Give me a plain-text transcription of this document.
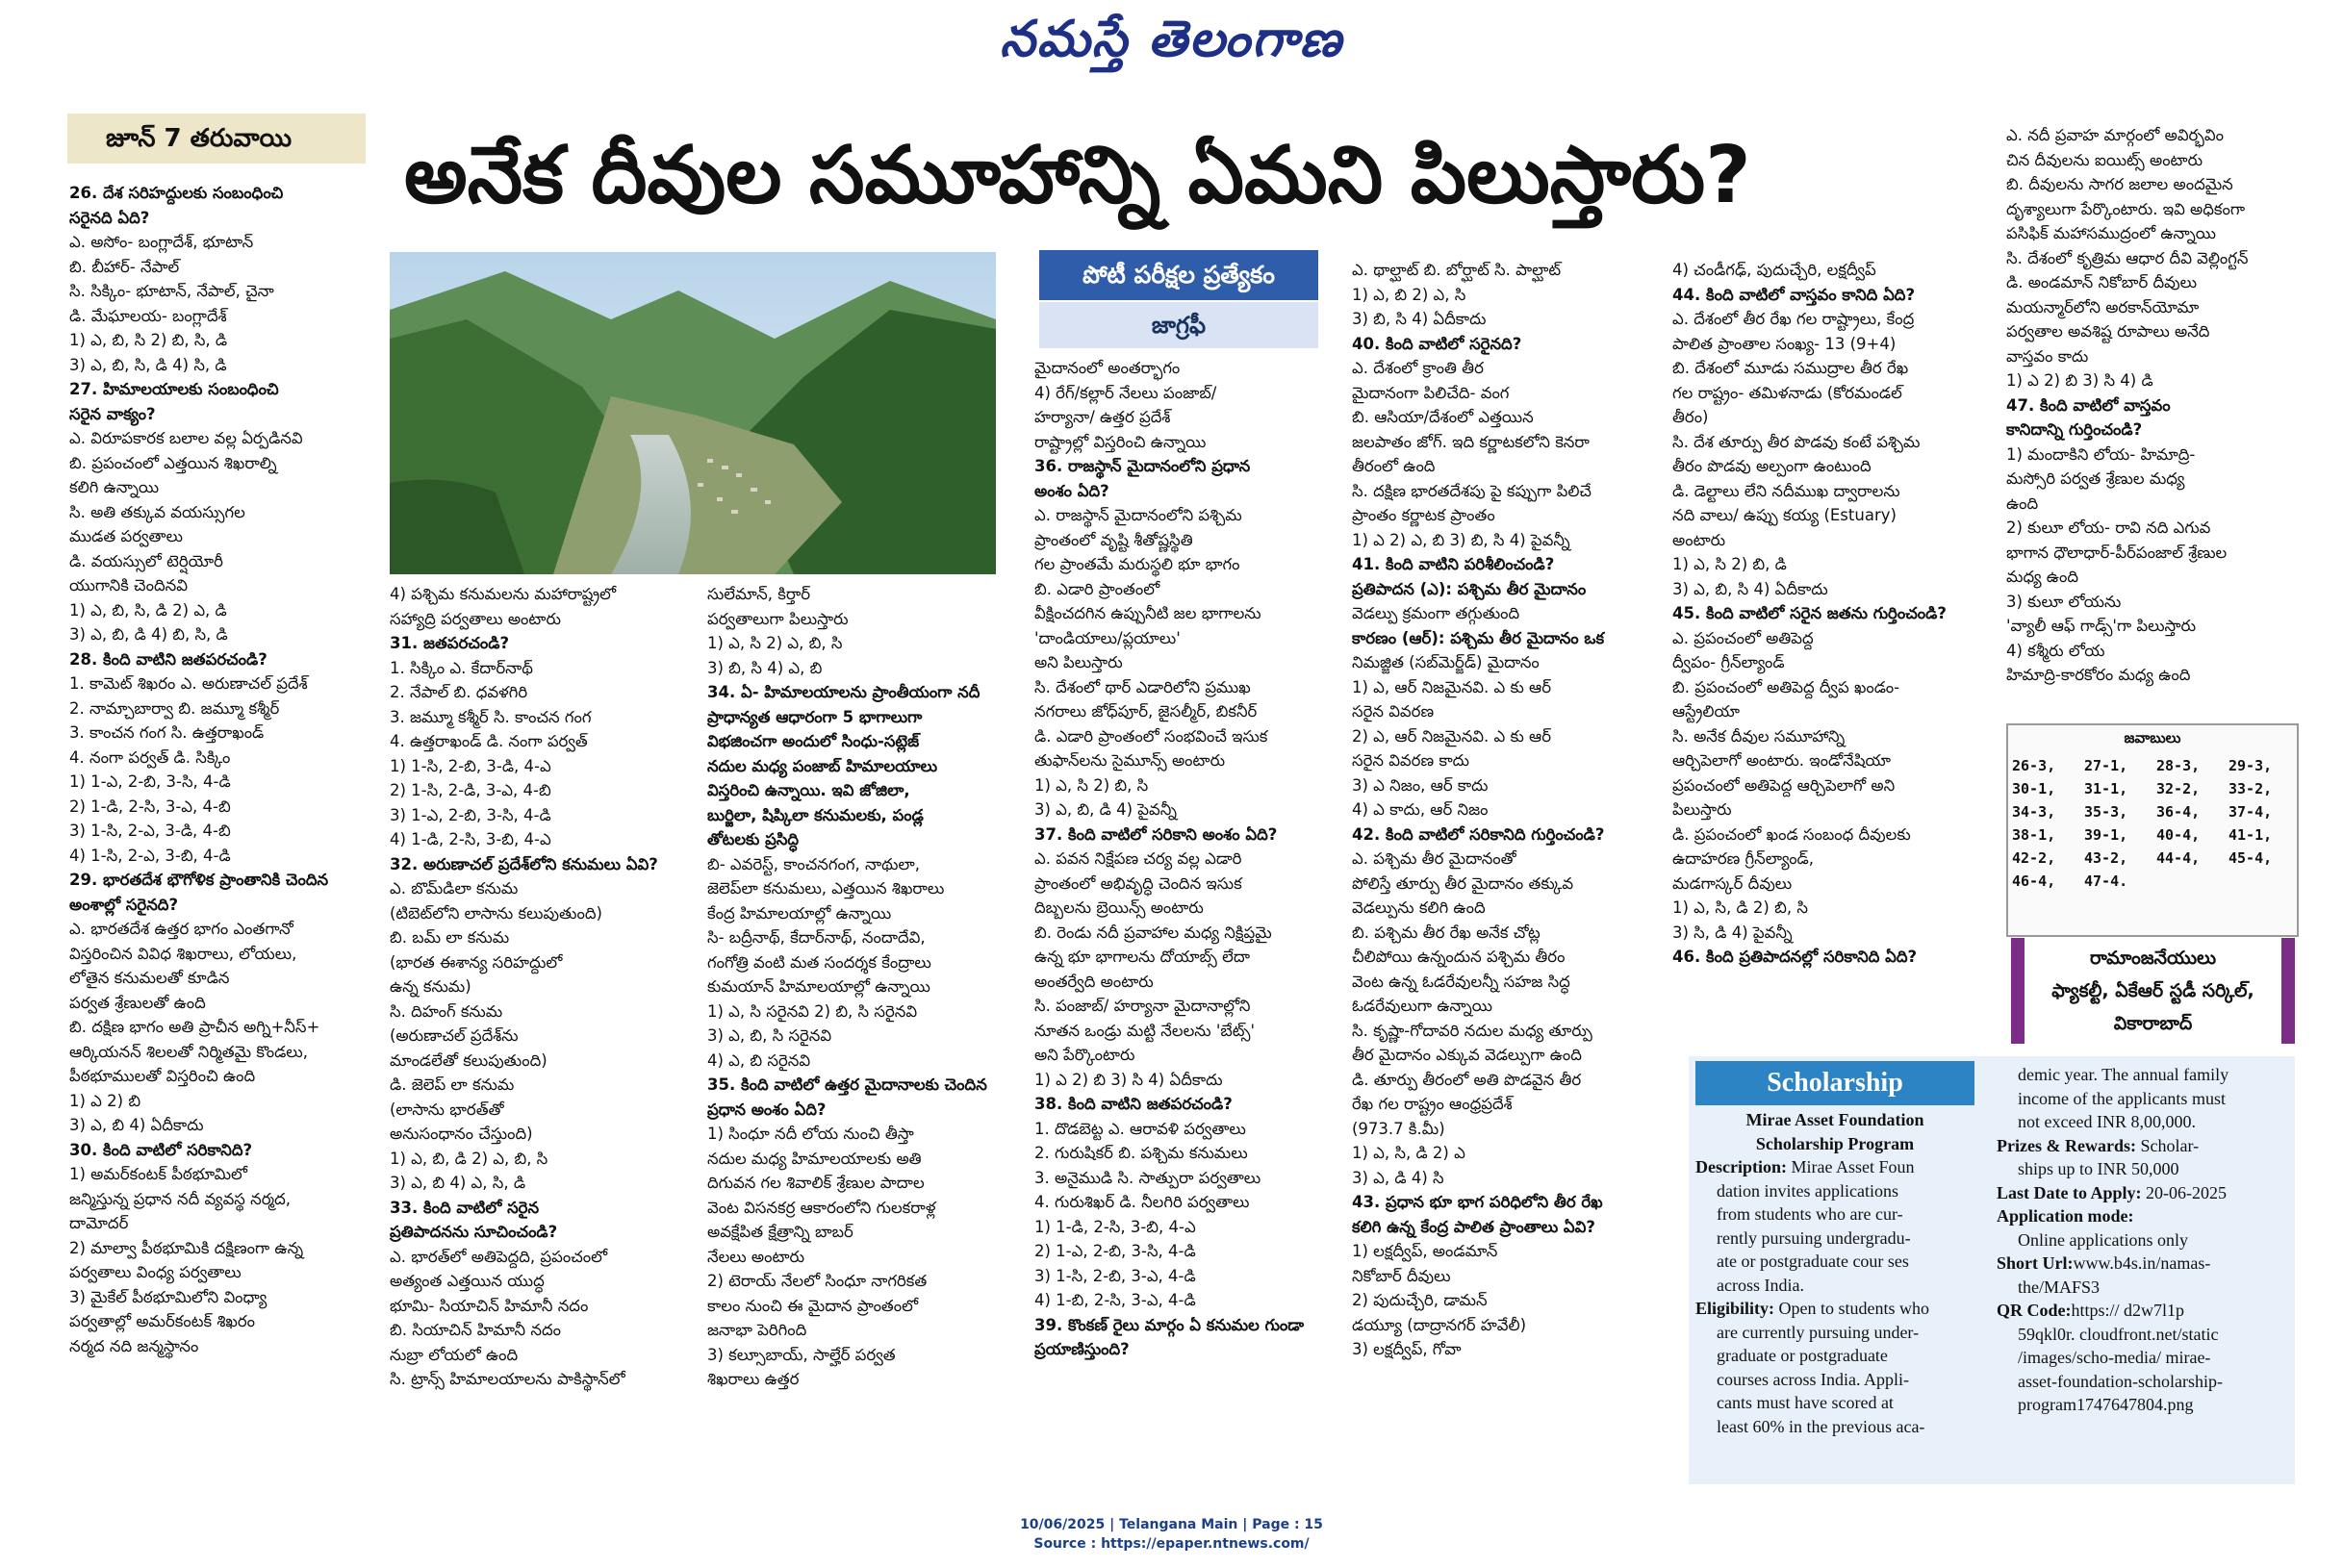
నమస్తే తెలంగాణ
జూన్ 7 తరువాయి	అనేక దీవుల సమూహాన్ని ఏమని పిలుస్తారు?
పోటీ పరీక్షల ప్రత్యేకం
జాగ్రఫీ

26. దేశ సరిహద్దులకు సంబంధించి

సరైనది ఏది?

ఎ. అసోం- బంగ్లాదేశ్, భూటాన్

బి. బీహార్- నేపాల్

సి. సిక్కిం- భూటాన్, నేపాల్, చైనా

డి. మేఘాలయ- బంగ్లాదేశ్

1) ఎ, బి, సి 2) బి, సి, డి

3) ఎ, బి, సి, డి 4) సి, డి

27. హిమాలయాలకు సంబంధించి

సరైన వాక్యం?

ఎ. విరూపకారక బలాల వల్ల ఏర్పడినవి

బి. ప్రపంచంలో ఎత్తయిన శిఖరాల్ని

కలిగి ఉన్నాయి

సి. అతి తక్కువ వయస్సుగల

ముడత పర్వతాలు

డి. వయస్సులో టెర్షియోరీ

యుగానికి చెందినవి

1) ఎ, బి, సి, డి 2) ఎ, డి

3) ఎ, బి, డి 4) బి, సి, డి

28. కింది వాటిని జతపరచండి?

1. కామెట్ శిఖరం ఎ. అరుణాచల్ ప్రదేశ్

2. నామ్చాబార్వా బి. జమ్మూ కశ్మీర్

3. కాంచన గంగ సి. ఉత్తరాఖండ్

4. నంగా పర్వత్ డి. సిక్కిం

1) 1-ఎ, 2-బి, 3-సి, 4-డి

2) 1-డి, 2-సి, 3-ఎ, 4-బి

3) 1-సి, 2-ఎ, 3-డి, 4-బి

4) 1-సి, 2-ఎ, 3-బి, 4-డి

29. భారతదేశ భౌగోళిక ప్రాంతానికి చెందిన

అంశాల్లో సరైనది?

ఎ. భారతదేశ ఉత్తర భాగం ఎంతగానో

విస్తరించిన వివిధ శిఖరాలు, లోయలు,

లోతైన కనుమలతో కూడిన

పర్వత శ్రేణులతో ఉంది

బి. దక్షిణ భాగం అతి ప్రాచీన అగ్ని+నీస్+

ఆర్కియనన్ శిలలతో నిర్మితమై కొండలు,

పీఠభూములతో విస్తరించి ఉంది

1) ఎ 2) బి

3) ఎ, బి 4) ఏదీకాదు

30. కింది వాటిలో సరికానిది?

1) అమర్‌కంటక్ పీఠభూమిలో

జన్మిస్తున్న ప్రధాన నదీ వ్యవస్థ నర్మద,

దామోదర్

2) మాల్వా పీఠభూమికి దక్షిణంగా ఉన్న

పర్వతాలు వింధ్య పర్వతాలు

3) మైకేల్ పీఠభూమిలోని వింధ్యా

పర్వతాల్లో అమర్‌కంటక్ శిఖరం

నర్మద నది జన్మస్థానం

4) పశ్చిమ కనుమలను మహారాష్ట్రలో

సహ్యాద్రి పర్వతాలు అంటారు

31. జతపరచండి?

1. సిక్కిం ఎ. కేదార్‌నాథ్

2. నేపాల్ బి. ధవళగిరి

3. జమ్మూ కశ్మీర్ సి. కాంచన గంగ

4. ఉత్తరాఖండ్ డి. నంగా పర్వత్

1) 1-సి, 2-బి, 3-డి, 4-ఎ

2) 1-సి, 2-డి, 3-ఎ, 4-బి

3) 1-ఎ, 2-బి, 3-సి, 4-డి

4) 1-డి, 2-సి, 3-బి, 4-ఎ

32. అరుణాచల్ ప్రదేశ్‌లోని కనుమలు ఏవి?

ఎ. బొమ్‌డిలా కనుమ

(టిబెట్‌లోని లాసాను కలుపుతుంది)

బి. బమ్ లా కనుమ

(భారత ఈశాన్య సరిహద్దులో

ఉన్న కనుమ)

సి. దిహంగ్ కనుమ

(అరుణాచల్ ప్రదేశ్‌ను

మాండలేతో కలుపుతుంది)

డి. జెలెప్ లా కనుమ

(లాసాను భారత్‌తో

అనుసంధానం చేస్తుంది)

1) ఎ, బి, డి 2) ఎ, బి, సి

3) ఎ, బి 4) ఎ, సి, డి

33. కింది వాటిలో సరైన

ప్రతిపాదనను సూచించండి?

ఎ. భారత్‌లో అతిపెద్దది, ప్రపంచంలో

అత్యంత ఎత్తయిన యుద్ధ

భూమి- సియాచిన్ హిమానీ నదం

బి. సియాచిన్ హిమానీ నదం

నుబ్రా లోయలో ఉంది

సి. ట్రాన్స్ హిమాలయాలను పాకిస్థాన్‌లో

సులేమాన్, కిర్తార్

పర్వతాలుగా పిలుస్తారు

1) ఎ, సి 2) ఎ, బి, సి

3) బి, సి 4) ఎ, బి

34. ఏ- హిమాలయాలను ప్రాంతీయంగా నదీ

ప్రాధాన్యత ఆధారంగా 5 భాగాలుగా

విభజించగా అందులో సింధు-సట్లెజ్

నదుల మధ్య పంజాబ్ హిమాలయాలు

విస్తరించి ఉన్నాయి. ఇవి జోజిలా,

బుర్జిలా, షిప్కిలా కనుమలకు, పండ్ల

తోటలకు ప్రసిద్ధి

బి- ఎవరెస్ట్, కాంచనగంగ, నాథులా,

జెలెప్‌లా కనుమలు, ఎత్తయిన శిఖరాలు

కేంద్ర హిమాలయాల్లో ఉన్నాయి

సి- బద్రీనాథ్, కేదార్‌నాథ్, నందాదేవి,

గంగోత్రి వంటి మత సందర్శక కేంద్రాలు

కుమయాన్ హిమాలయాల్లో ఉన్నాయి

1) ఎ, సి సరైనవి 2) బి, సి సరైనవి

3) ఎ, బి, సి సరైనవి

4) ఎ, బి సరైనవి

35. కింది వాటిలో ఉత్తర మైదానాలకు చెందిన

ప్రధాన అంశం ఏది?

1) సింధూ నదీ లోయ నుంచి తీస్తా

నదుల మధ్య హిమాలయాలకు అతి

దిగువన గల శివాలిక్ శ్రేణుల పాదాల

వెంట విసనకర్ర ఆకారంలోని గులకరాళ్ల

అవక్షేపిత క్షేత్రాన్ని బాబర్

నేలలు అంటారు

2) టెరాయ్ నేలలో సింధూ నాగరికత

కాలం నుంచి ఈ మైదాన ప్రాంతంలో

జనాభా పెరిగింది

3) కల్సూబాయ్, సాల్హేర్ పర్వత

శిఖరాలు ఉత్తర

మైదానంలో అంతర్భాగం

4) రేగ్/కల్లార్ నేలలు పంజాబ్/

హర్యానా/ ఉత్తర ప్రదేశ్

రాష్ట్రాల్లో విస్తరించి ఉన్నాయి

36. రాజస్థాన్ మైదానంలోని ప్రధాన

అంశం ఏది?

ఎ. రాజస్థాన్ మైదానంలోని పశ్చిమ

ప్రాంతంలో వృష్టి శీతోష్ణస్థితి

గల ప్రాంతమే మరుస్థలి భూ భాగం

బి. ఎడారి ప్రాంతంలో

వీక్షించదగిన ఉప్పునీటి జల భాగాలను

'దాండియాలు/ప్లయాలు'

అని పిలుస్తారు

సి. దేశంలో థార్ ఎడారిలోని ప్రముఖ

నగరాలు జోధ్‌పూర్, జైసల్మీర్, బికనీర్

డి. ఎడారి ప్రాంతంలో సంభవించే ఇసుక

తుఫాన్‌లను సైమూన్స్ అంటారు

1) ఎ, సి 2) బి, సి

3) ఎ, బి, డి 4) పైవన్నీ

37. కింది వాటిలో సరికాని అంశం ఏది?

ఎ. పవన నిక్షేపణ చర్య వల్ల ఎడారి

ప్రాంతంలో అభివృద్ధి చెందిన ఇసుక

దిబ్బలను బ్రెయిన్స్ అంటారు

బి. రెండు నదీ ప్రవాహాల మధ్య నిక్షిప్తమై

ఉన్న భూ భాగాలను దోయాబ్స్ లేదా

అంతర్వేది అంటారు

సి. పంజాబ్/ హర్యానా మైదానాల్లోని

నూతన ఒండ్రు మట్టి నేలలను 'బేట్స్'

అని పేర్కొంటారు

1) ఎ 2) బి 3) సి 4) ఏదీకాదు

38. కింది వాటిని జతపరచండి?

1. దొడబెట్ట ఎ. ఆరావళి పర్వతాలు

2. గురుషికర్ బి. పశ్చిమ కనుమలు

3. అనైముడి సి. సాత్పురా పర్వతాలు

4. గురుశిఖర్ డి. నీలగిరి పర్వతాలు

1) 1-డి, 2-సి, 3-బి, 4-ఎ

2) 1-ఎ, 2-బి, 3-సి, 4-డి

3) 1-సి, 2-బి, 3-ఎ, 4-డి

4) 1-బి, 2-సి, 3-ఎ, 4-డి

39. కొంకణ్ రైలు మార్గం ఏ కనుమల గుండా

ప్రయాణిస్తుంది?

ఎ. థాల్ఘాట్ బి. బోర్ఘాట్ సి. పాల్ఘాట్

1) ఎ, బి 2) ఎ, సి

3) బి, సి 4) ఏదీకాదు

40. కింది వాటిలో సరైనది?

ఎ. దేశంలో క్రాంతి తీర

మైదానంగా పిలిచేది- వంగ

బి. ఆసియా/దేశంలో ఎత్తయిన

జలపాతం జోగ్. ఇది కర్ణాటకలోని కెనరా

తీరంలో ఉంది

సి. దక్షిణ భారతదేశపు పై కప్పుగా పిలిచే

ప్రాంతం కర్ణాటక ప్రాంతం

1) ఎ 2) ఎ, బి 3) బి, సి 4) పైవన్నీ

41. కింది వాటిని పరిశీలించండి?

ప్రతిపాదన (ఎ): పశ్చిమ తీర మైదానం

వెడల్పు క్రమంగా తగ్గుతుంది

కారణం (ఆర్): పశ్చిమ తీర మైదానం ఒక

నిమజ్జిత (సబ్‌మెర్జ్‌డ్) మైదానం

1) ఎ, ఆర్ నిజమైనవి. ఎ కు ఆర్

సరైన వివరణ

2) ఎ, ఆర్ నిజమైనవి. ఎ కు ఆర్

సరైన వివరణ కాదు

3) ఎ నిజం, ఆర్ కాదు

4) ఎ కాదు, ఆర్ నిజం

42. కింది వాటిలో సరికానిది గుర్తించండి?

ఎ. పశ్చిమ తీర మైదానంతో

పోలిస్తే తూర్పు తీర మైదానం తక్కువ

వెడల్పును కలిగి ఉంది

బి. పశ్చిమ తీర రేఖ అనేక చోట్ల

చీలిపోయి ఉన్నందున పశ్చిమ తీరం

వెంట ఉన్న ఓడరేవులన్నీ సహజ సిద్ధ

ఓడరేవులుగా ఉన్నాయి

సి. కృష్ణా-గోదావరి నదుల మధ్య తూర్పు

తీర మైదానం ఎక్కువ వెడల్పుగా ఉంది

డి. తూర్పు తీరంలో అతి పొడవైన తీర

రేఖ గల రాష్ట్రం ఆంధ్రప్రదేశ్

(973.7 కి.మీ)

1) ఎ, సి, డి 2) ఎ

3) ఎ, డి 4) సి

43. ప్రధాన భూ భాగ పరిధిలోని తీర రేఖ

కలిగి ఉన్న కేంద్ర పాలిత ప్రాంతాలు ఏవి?

1) లక్షద్వీప్, అండమాన్

నికోబార్ దీవులు

2) పుదుచ్చేరి, డామన్

డయ్యూ (దాద్రానగర్ హవేలీ)

3) లక్షద్వీప్, గోవా

4) చండీగఢ్, పుదుచ్చేరి, లక్షద్వీప్

44. కింది వాటిలో వాస్తవం కానిది ఏది?

ఎ. దేశంలో తీర రేఖ గల రాష్ట్రాలు, కేంద్ర

పాలిత ప్రాంతాల సంఖ్య- 13 (9+4)

బి. దేశంలో మూడు సముద్రాల తీర రేఖ

గల రాష్ట్రం- తమిళనాడు (కోరమండల్

తీరం)

సి. దేశ తూర్పు తీర పొడవు కంటే పశ్చిమ

తీరం పొడవు అల్పంగా ఉంటుంది

డి. డెల్టాలు లేని నదీముఖ ద్వారాలను

నది వాలు/ ఉప్పు కయ్య (Estuary)

అంటారు

1) ఎ, సి 2) బి, డి

3) ఎ, బి, సి 4) ఏదీకాదు

45. కింది వాటిలో సరైన జతను గుర్తించండి?

ఎ. ప్రపంచంలో అతిపెద్ద

ద్వీపం- గ్రీన్‌ల్యాండ్

బి. ప్రపంచంలో అతిపెద్ద ద్వీప ఖండం-

ఆస్ట్రేలియా

సి. అనేక దీవుల సమూహాన్ని

ఆర్చిపెలాగో అంటారు. ఇండోనేషియా

ప్రపంచంలో అతిపెద్ద ఆర్చిపెలాగో అని

పిలుస్తారు

డి. ప్రపంచంలో ఖండ సంబంధ దీవులకు

ఉదాహరణ గ్రీన్‌ల్యాండ్,

మడగాస్కర్ దీవులు

1) ఎ, సి, డి 2) బి, సి

3) సి, డి 4) పైవన్నీ

46. కింది ప్రతిపాదనల్లో సరికానిది ఏది?

ఎ. నదీ ప్రవాహ మార్గంలో అవిర్భవిం

చిన దీవులను ఐయిట్స్ అంటారు

బి. దీవులను సాగర జలాల అందమైన

దృశ్యాలుగా పేర్కొంటారు. ఇవి అధికంగా

పసిఫిక్ మహాసముద్రంలో ఉన్నాయి

సి. దేశంలో కృత్రిమ ఆధార దీవి వెల్లింగ్టన్

డి. అండమాన్ నికోబార్ దీవులు

మయన్మార్‌లోని అరకాన్‌యోమా

పర్వతాల అవశిష్ట రూపాలు అనేది

వాస్తవం కాదు

1) ఎ 2) బి 3) సి 4) డి

47. కింది వాటిలో వాస్తవం

కానిదాన్ని గుర్తించండి?

1) మందాకిని లోయ- హిమాద్రి-

మస్సోరి పర్వత శ్రేణుల మధ్య

ఉంది

2) కులూ లోయ- రావి నది ఎగువ

భాగాన ధౌలాధార్-పీర్‌పంజాల్ శ్రేణుల

మధ్య ఉంది

3) కులూ లోయను

'వ్యాలీ ఆఫ్ గాడ్స్'గా పిలుస్తారు

4) కశ్మీరు లోయ

హిమాద్రి-కారకోరం మధ్య ఉంది

జవాబులు
26-3,	27-1,	28-3,	29-3,
30-1,	31-1,	32-2,	33-2,
34-3,	35-3,	36-4,	37-4,
38-1,	39-1,	40-4,	41-1,
42-2,	43-2,	44-4,	45-4,
46-4,	47-4.		
రామాంజనేయులు
ఫ్యాకల్టీ, ఏకేఆర్ స్టడీ సర్కిల్,
వికారాబాద్
Scholarship

Mirae Asset Foundation

Scholarship Program

Description: Mirae Asset Foun

dation invites applications

from students who are cur-

rently pursuing undergradu-

ate or postgraduate cour ses

across India.

Eligibility: Open to students who

are currently pursuing under-

graduate or postgraduate

courses across India. Appli-

cants must have scored at

least 60% in the previous aca-

demic year. The annual family

income of the applicants must

not exceed INR 8,00,000.

Prizes & Rewards: Scholar-

ships up to INR 50,000

Last Date to Apply: 20-06-2025

Application mode:

Online applications only

Short Url:www.b4s.in/namas-

the/MAFS3

QR Code:https:// d2w7l1p

59qkl0r. cloudfront.net/static

/images/scho-media/ mirae-

asset-foundation-scholarship-

program1747647804.png

10/06/2025 | Telangana Main | Page : 15
Source : https://epaper.ntnews.com/
